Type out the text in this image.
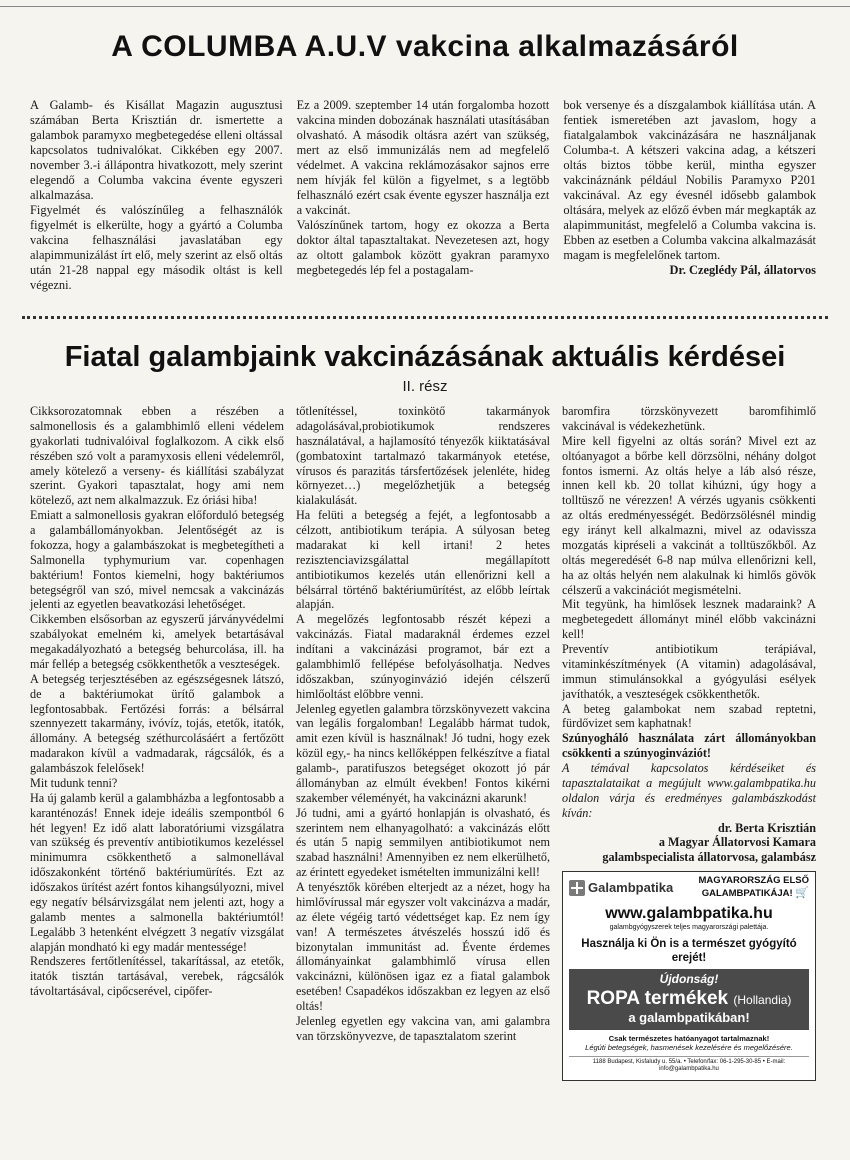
A COLUMBA A.U.V vakcina alkalmazásáról

A Galamb- és Kisállat Magazin augusztusi számában Berta Krisztián dr. ismertette a galambok paramyxo megbetegedése elleni oltással kapcsolatos tudnivalókat. Cikkében egy 2007. november 3.-i állápontra hivatkozott, mely szerint elegendő a Columba vakcina évente egyszeri alkalmazása.

Figyelmét és valószínűleg a felhasználók figyelmét is elkerülte, hogy a gyártó a Columba vakcina felhasználási javaslatában egy alapimmunizálást írt elő, mely szerint az első oltás után 21-28 nappal egy második oltást is kell végezni.

Ez a 2009. szeptember 14 után forgalomba hozott vakcina minden dobozának használati utasításában olvasható. A második oltásra azért van szükség, mert az első immunizálás nem ad megfelelő védelmet. A vakcina reklámozásakor sajnos erre nem hívják fel külön a figyelmet, s a legtöbb felhasználó ezért csak évente egyszer használja ezt a vakcinát.

Valószínűnek tartom, hogy ez okozza a Berta doktor által tapasztaltakat. Nevezetesen azt, hogy az oltott galambok között gyakran paramyxo megbetegedés lép fel a postagalam-

bok versenye és a díszgalambok kiállítása után. A fentiek ismeretében azt javaslom, hogy a fiatalgalambok vakcinázására ne használjanak Columba-t. A kétszeri vakcina adag, a kétszeri oltás biztos többe kerül, mintha egyszer vakcináznánk például Nobilis Paramyxo P201 vakcinával. Az egy évesnél idősebb galambok oltására, melyek az előző évben már megkapták az alapimmunitást, megfelelő a Columba vakcina is. Ebben az esetben a Columba vakcina alkalmazását magam is megfelelőnek tartom.

Dr. Czeglédy Pál, állatorvos

Fiatal galambjaink vakcinázásának aktuális kérdései
II. rész

Cikksorozatomnak ebben a részében a salmonellosis és a galambhimlő elleni védelem gyakorlati tudnivalóival foglalkozom. A cikk első részében szó volt a paramyxosis elleni védelemről, amely kötelező a verseny- és kiállítási szabályzat szerint. Gyakori tapasztalat, hogy ami nem kötelező, azt nem alkalmazzuk. Ez óriási hiba!

Emiatt a salmonellosis gyakran előforduló betegség a galambállományokban. Jelentőségét az is fokozza, hogy a galambászokat is megbetegítheti a Salmonella typhymurium var. copenhagen baktérium! Fontos kiemelni, hogy baktériumos betegségről van szó, mivel nemcsak a vakcinázás jelenti az egyetlen beavatkozási lehetőséget.

Cikkemben elsősorban az egyszerű járványvédelmi szabályokat emelném ki, amelyek betartásával megakadályozható a betegség behurcolása, ill. ha már fellép a betegség csökkenthetők a veszteségek.

A betegség terjesztésében az egészségesnek látszó, de a baktériumokat ürítő galambok a legfontosabbak. Fertőzési forrás: a bélsárral szennyezett takarmány, ivóvíz, tojás, etetők, itatók, állomány. A betegség széthurcolásáért a fertőzött madarakon kívül a vadmadarak, rágcsálók, és a galambászok felelősek!

Mit tudunk tenni?

Ha új galamb kerül a galambházba a legfontosabb a karanténozás! Ennek ideje ideális szempontból 6 hét legyen! Ez idő alatt laboratóriumi vizsgálatra van szükség és preventív antibiotikumos kezeléssel minimumra csökkenthető a salmonellával időszakonként történő baktériumürítés. Ezt az időszakos ürítést azért fontos kihangsúlyozni, mivel egy negatív bélsárvizsgálat nem jelenti azt, hogy a galamb mentes a salmonella baktériumtól! Legalább 3 hetenként elvégzett 3 negatív vizsgálat alapján mondható ki egy madár mentessége!

Rendszeres fertőtlenítéssel, takarítással, az etetők, itatók tisztán tartásával, verebek, rágcsálók távoltartásával, cipőcserével, cipőfer-

tőtlenítéssel, toxinkötő takarmányok adagolásával,probiotikumok rendszeres használatával, a hajlamosító tényezők kiiktatásával (gombatoxint tartalmazó takarmányok etetése, vírusos és parazitás társfertőzések jelenléte, hideg környezet…) megelőzhetjük a betegség kialakulását.

Ha felüti a betegség a fejét, a legfontosabb a célzott, antibiotikum terápia. A súlyosan beteg madarakat ki kell irtani! 2 hetes rezisztenciavizsgálattal megállapított antibiotikumos kezelés után ellenőrizni kell a bélsárral történő baktériumürítést, az előbb leírtak alapján.

A megelőzés legfontosabb részét képezi a vakcinázás. Fiatal madaraknál érdemes ezzel indítani a vakcinázási programot, bár ezt a galambhimlő fellépése befolyásolhatja. Nedves időszakban, szúnyoginvázió idején célszerű himlőoltást előbbre venni.

Jelenleg egyetlen galambra törzskönyvezett vakcina van legális forgalomban! Legalább hármat tudok, amit ezen kívül is használnak! Jó tudni, hogy ezek közül egy,- ha nincs kellőképpen felkészítve a fiatal galamb-, paratifuszos betegséget okozott jó pár állományban az elmúlt években! Fontos kikérni szakember véleményét, ha vakcinázni akarunk!

Jó tudni, ami a gyártó honlapján is olvasható, és szerintem nem elhanyagolható: a vakcinázás előtt és után 5 napig semmilyen antibiotikumot nem szabad használni! Amennyiben ez nem elkerülhető, az érintett egyedeket ismételten immunizálni kell!

A tenyésztők körében elterjedt az a nézet, hogy ha himlővírussal már egyszer volt vakcinázva a madár, az élete végéig tartó védettséget kap. Ez nem így van! A természetes átvészelés hosszú idő és bizonytalan immunitást ad. Évente érdemes állományainkat galambhimlő vírusa ellen vakcinázni, különösen igaz ez a fiatal galambok esetében! Csapadékos időszakban ez legyen az első oltás!

Jelenleg egyetlen egy vakcina van, ami galambra van törzskönyvezve, de tapasztalatom szerint

baromfira törzskönyvezett baromfihimlő vakcinával is védekezhetünk.

Mire kell figyelni az oltás során? Mivel ezt az oltóanyagot a bőrbe kell dörzsölni, néhány dolgot fontos ismerni. Az oltás helye a láb alsó része, innen kell kb. 20 tollat kihúzni, úgy hogy a tolltüsző ne vérezzen! A vérzés ugyanis csökkenti az oltás eredményességét. Bedörzsölésnél mindig egy irányt kell alkalmazni, mivel az odavissza mozgatás kipréseli a vakcinát a tolltüszőkből. Az oltás megeredését 6-8 nap múlva ellenőrizni kell, ha az oltás helyén nem alakulnak ki himlős gövök célszerű a vakcinációt megismételni.

Mit tegyünk, ha himlősek lesznek madaraink? A megbetegedett állományt minél előbb vakcinázni kell!

Preventív antibiotikum terápiával, vitaminkészítmények (A vitamin) adagolásával, immun stimulánsokkal a gyógyulási esélyek javíthatók, a veszteségek csökkenthetők.

A beteg galambokat nem szabad reptetni, fürdővizet sem kaphatnak!

Szúnyogháló használata zárt állományokban csökkenti a szúnyoginváziót!

A témával kapcsolatos kérdéseiket és tapasztalataikat a megújult www.galambpatika.hu oldalon várja és eredményes galambászkodást kíván:

dr. Berta Krisztián

a Magyar Állatorvosi Kamara

galambspecialista állatorvosa, galambász

Galambpatika	MAGYARORSZÁG ELSŐ
GALAMBPATIKÁJA! 🛒
www.galambpatika.hu
galambgyógyszerek teljes magyarországi palettája.
Használja ki Ön is a természet gyógyító erejét!
Újdonság!
ROPA termékek (Hollandia)
a galambpatikában!
Csak természetes hatóanyagot tartalmaznak!
Légúti betegségek, hasmenések kezelésére és megelőzésére.
1188 Budapest, Kisfaludy u. 55/a. • Telefon/fax: 06-1-295-30-85 • E-mail: info@galambpatika.hu
